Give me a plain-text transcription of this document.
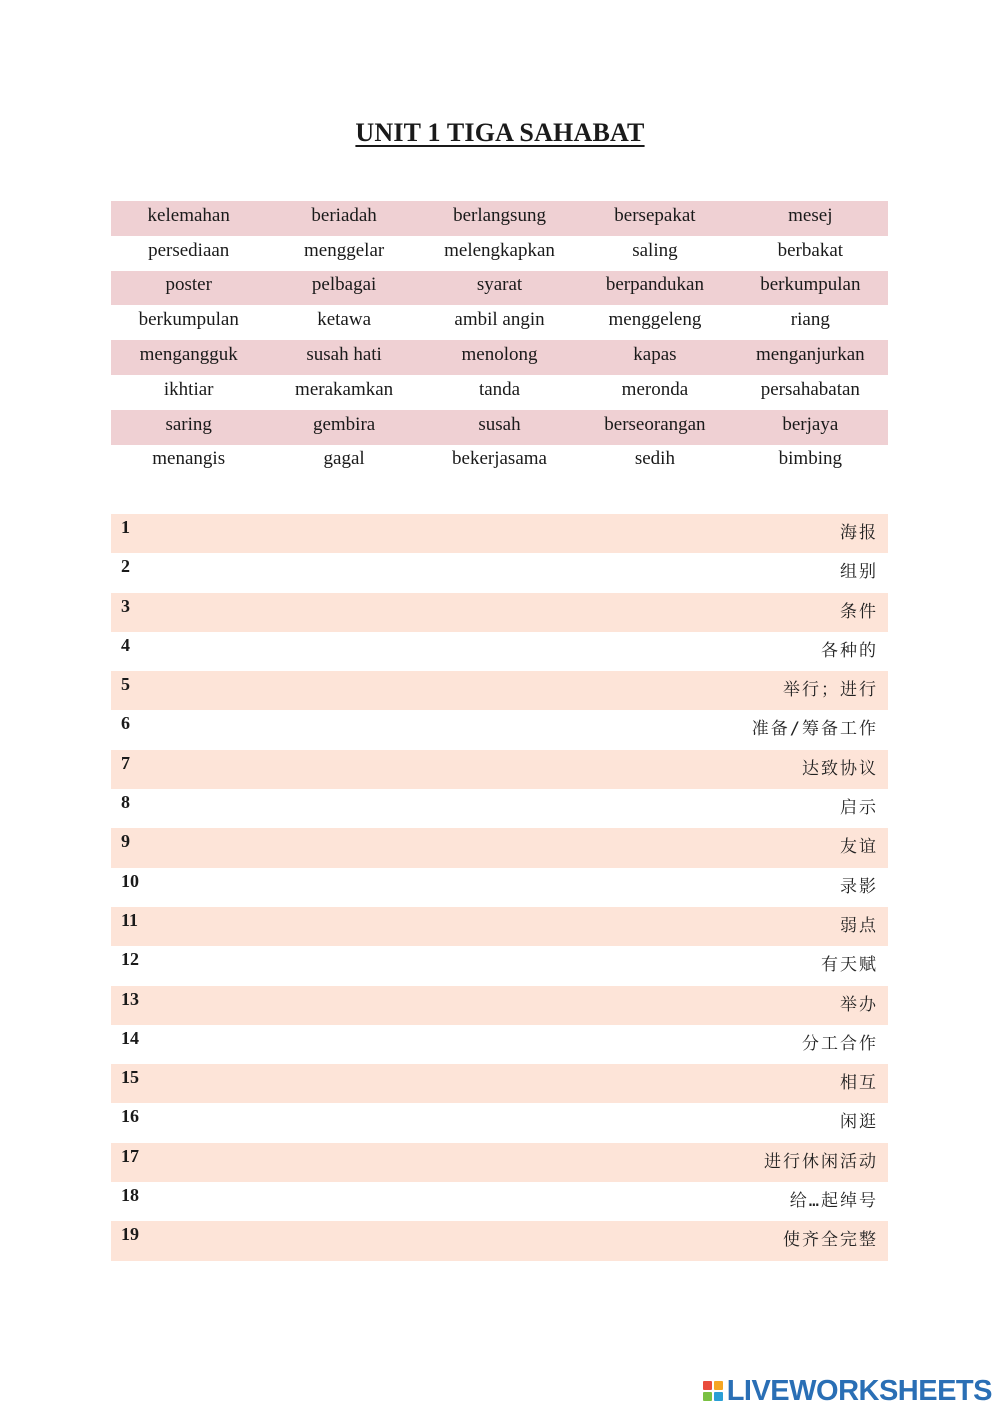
UNIT 1 TIGA SAHABAT
kelemahan	beriadah	berlangsung	bersepakat	mesej
persediaan	menggelar	melengkapkan	saling	berbakat
poster	pelbagai	syarat	berpandukan	berkumpulan
berkumpulan	ketawa	ambil angin	menggeleng	riang
mengangguk	susah hati	menolong	kapas	menganjurkan
ikhtiar	merakamkan	tanda	meronda	persahabatan
saring	gembira	susah	berseorangan	berjaya
menangis	gagal	bekerjasama	sedih	bimbing
1	海报
2	组别
3	条件
4	各种的
5	举行；进行
6	准备/筹备工作
7	达致协议
8	启示
9	友谊
10	录影
11	弱点
12	有天赋
13	举办
14	分工合作
15	相互
16	闲逛
17	进行休闲活动
18	给…起绰号
19	使齐全完整
LIVEWORKSHEETS
